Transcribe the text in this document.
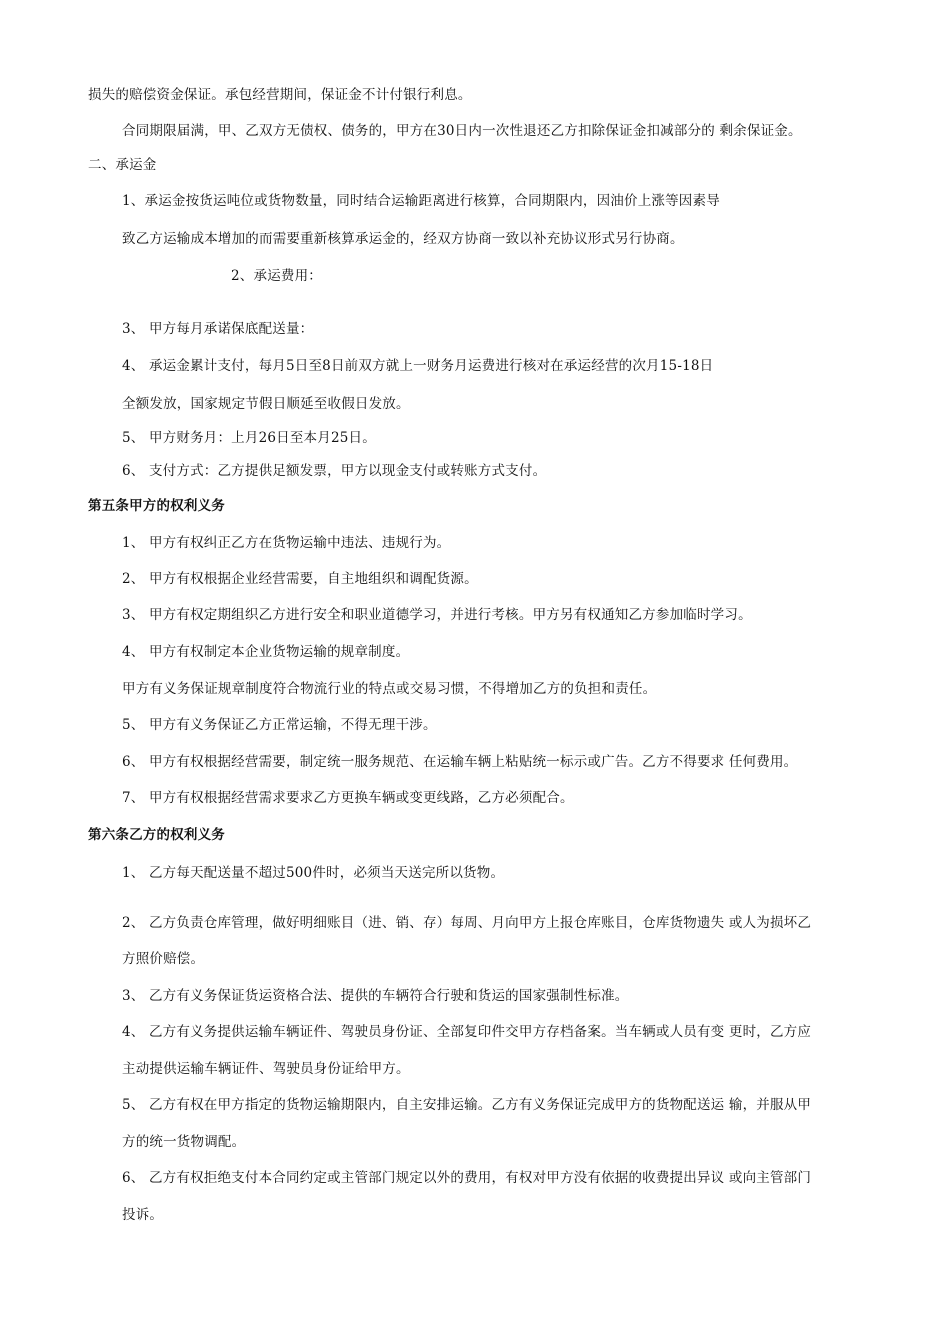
损失的赔偿资金保证。承包经营期间，保证金不计付银行利息。
合同期限届满，甲、乙双方无债权、债务的，甲方在30日内一次性退还乙方扣除保证金扣减部分的 剩余保证金。
二、承运金
1、承运金按货运吨位或货物数量，同时结合运输距离进行核算，合同期限内，因油价上涨等因素导
致乙方运输成本增加的而需要重新核算承运金的，经双方协商一致以补充协议形式另行协商。
2、承运费用：
3、 甲方每月承诺保底配送量：
4、 承运金累计支付，每月5日至8日前双方就上一财务月运费进行核对在承运经营的次月15-18日
全额发放，国家规定节假日顺延至收假日发放。
5、 甲方财务月：上月26日至本月25日。
6、 支付方式：乙方提供足额发票，甲方以现金支付或转账方式支付。
第五条甲方的权利义务
1、 甲方有权纠正乙方在货物运输中违法、违规行为。
2、 甲方有权根据企业经营需要，自主地组织和调配货源。
3、 甲方有权定期组织乙方进行安全和职业道德学习，并进行考核。甲方另有权通知乙方参加临时学习。
4、 甲方有权制定本企业货物运输的规章制度。
甲方有义务保证规章制度符合物流行业的特点或交易习惯，不得增加乙方的负担和责任。
5、 甲方有义务保证乙方正常运输，不得无理干涉。
6、 甲方有权根据经营需要，制定统一服务规范、在运输车辆上粘贴统一标示或广告。乙方不得要求 任何费用。
7、 甲方有权根据经营需求要求乙方更换车辆或变更线路，乙方必须配合。
第六条乙方的权利义务
1、 乙方每天配送量不超过500件时，必须当天送完所以货物。
2、 乙方负责仓库管理，做好明细账目（进、销、存）每周、月向甲方上报仓库账目，仓库货物遗失 或人为损坏乙
方照价赔偿。
3、 乙方有义务保证货运资格合法、提供的车辆符合行驶和货运的国家强制性标准。
4、 乙方有义务提供运输车辆证件、驾驶员身份证、全部复印件交甲方存档备案。当车辆或人员有变 更时，乙方应
主动提供运输车辆证件、驾驶员身份证给甲方。
5、 乙方有权在甲方指定的货物运输期限内，自主安排运输。乙方有义务保证完成甲方的货物配送运 输，并服从甲
方的统一货物调配。
6、 乙方有权拒绝支付本合同约定或主管部门规定以外的费用，有权对甲方没有依据的收费提出异议 或向主管部门
投诉。
